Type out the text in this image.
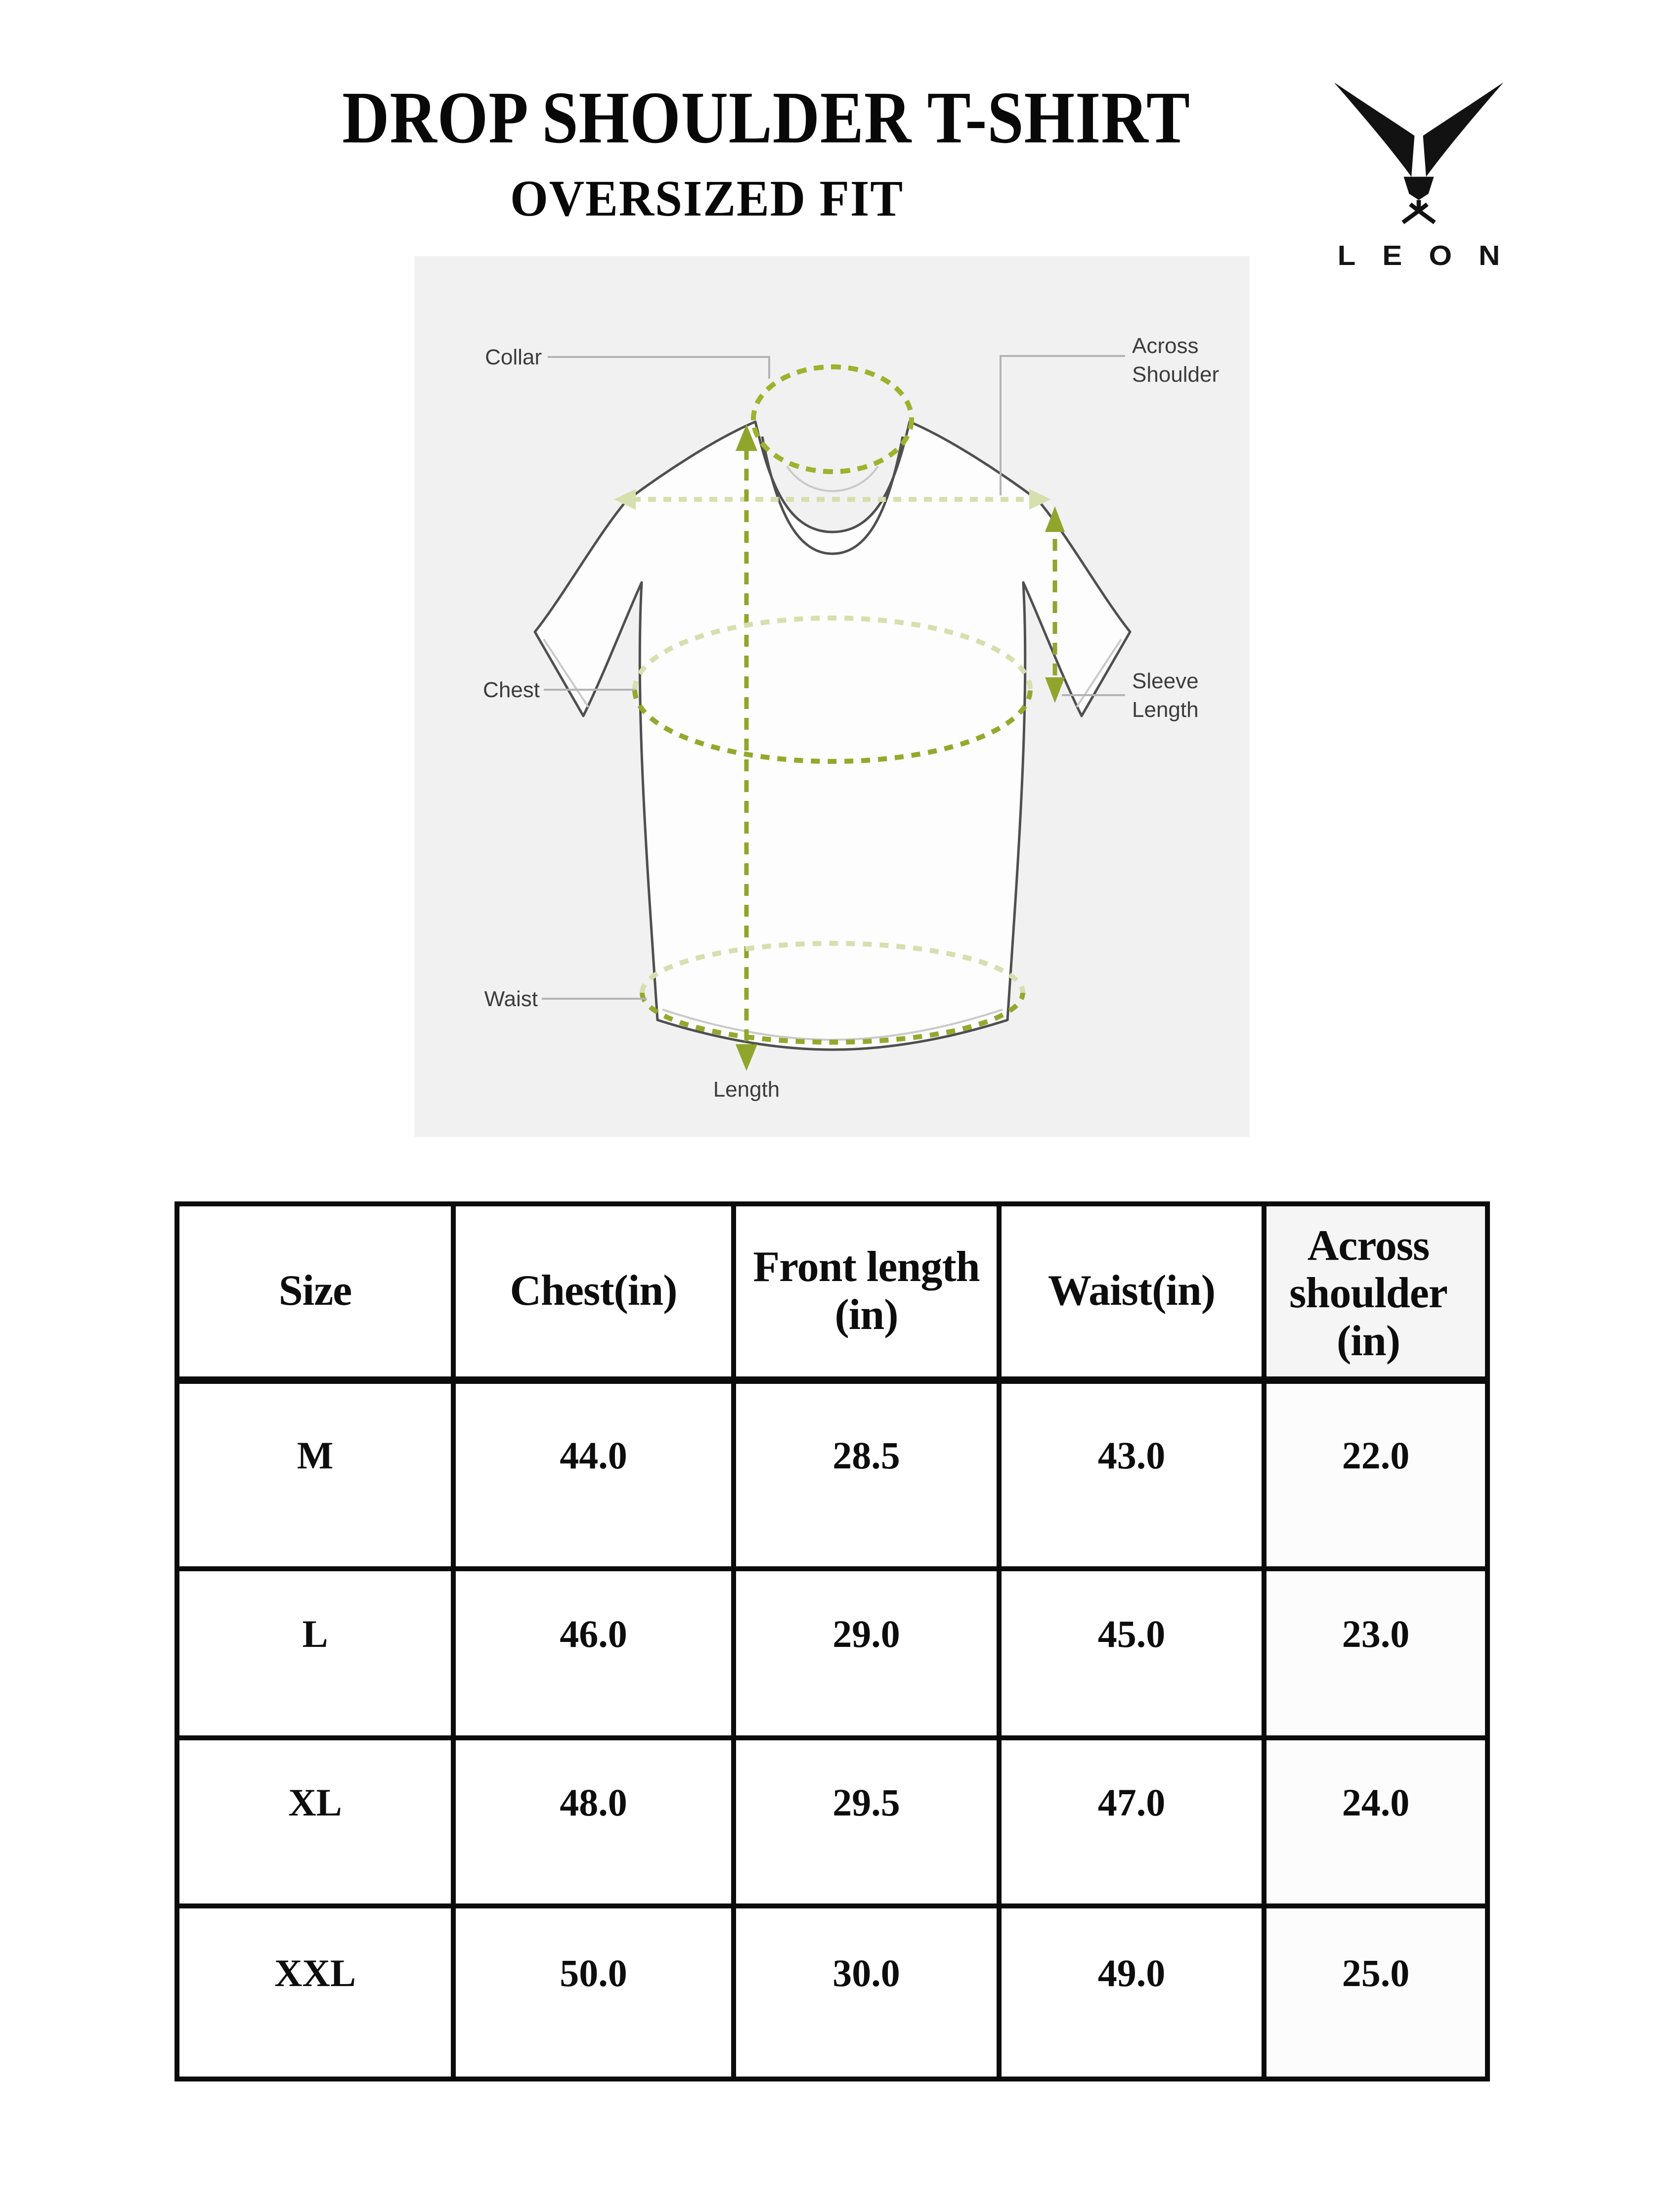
DROP SHOULDER T-SHIRT
OVERSIZED FIT
LEON
Collar
Chest
Waist
Across
Shoulder
Sleeve
Length
Length
Size	Chest(in)	Front length (in)	Waist(in)	Across shoulder (in)
M	44.0	28.5	43.0	22.0
L	46.0	29.0	45.0	23.0
XL	48.0	29.5	47.0	24.0
XXL	50.0	30.0	49.0	25.0
